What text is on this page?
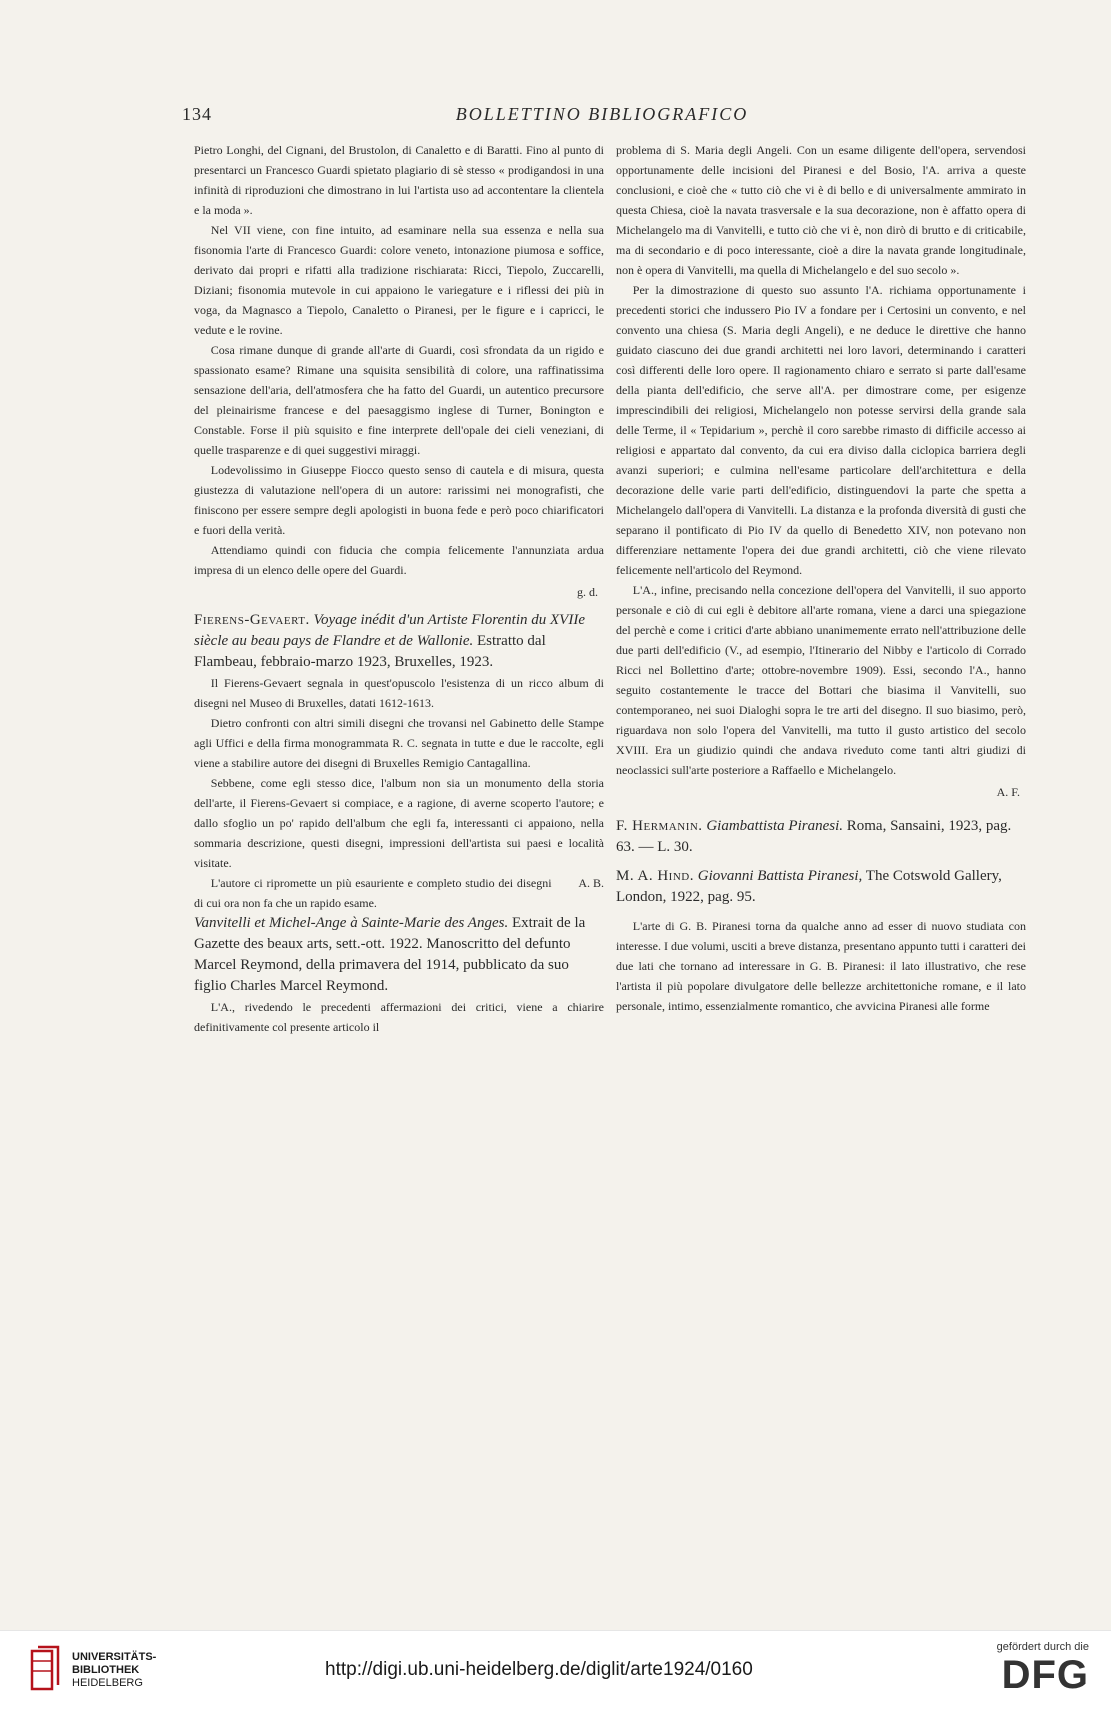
134	BOLLETTINO BIBLIOGRAFICO

Pietro Longhi, del Cignani, del Brustolon, di Canaletto e di Baratti. Fino al punto di presentarci un Francesco Guardi spietato plagiario di sè stesso « prodigandosi in una infinità di riproduzioni che dimostrano in lui l'artista uso ad accontentare la clientela e la moda ».

Nel VII viene, con fine intuito, ad esaminare nella sua essenza e nella sua fisonomia l'arte di Francesco Guardi: colore veneto, intonazione piumosa e soffice, derivato dai propri e rifatti alla tradizione rischiarata: Ricci, Tiepolo, Zuccarelli, Diziani; fisonomia mutevole in cui appaiono le variegature e i riflessi dei più in voga, da Magnasco a Tiepolo, Canaletto o Piranesi, per le figure e i capricci, le vedute e le rovine.

Cosa rimane dunque di grande all'arte di Guardi, così sfrondata da un rigido e spassionato esame? Rimane una squisita sensibilità di colore, una raffinatissima sensazione dell'aria, dell'atmosfera che ha fatto del Guardi, un autentico precursore del pleinairisme francese e del paesaggismo inglese di Turner, Bonington e Constable. Forse il più squisito e fine interprete dell'opale dei cieli veneziani, di quelle trasparenze e di quei suggestivi miraggi.

Lodevolissimo in Giuseppe Fiocco questo senso di cautela e di misura, questa giustezza di valutazione nell'opera di un autore: rarissimi nei monografisti, che finiscono per essere sempre degli apologisti in buona fede e però poco chiarificatori e fuori della verità.

Attendiamo quindi con fiducia che compia felicemente l'annunziata ardua impresa di un elenco delle opere del Guardi.

g. d.

Fierens-Gevaert. Voyage inédit d'un Artiste Florentin du XVIIe siècle au beau pays de Flandre et de Wallonie. Estratto dal Flambeau, febbraio-marzo 1923, Bruxelles, 1923.

Il Fierens-Gevaert segnala in quest'opuscolo l'esistenza di un ricco album di disegni nel Museo di Bruxelles, datati 1612-1613.

Dietro confronti con altri simili disegni che trovansi nel Gabinetto delle Stampe agli Uffici e della firma monogrammata R. C. segnata in tutte e due le raccolte, egli viene a stabilire autore dei disegni di Bruxelles Remigio Cantagallina.

Sebbene, come egli stesso dice, l'album non sia un monumento della storia dell'arte, il Fierens-Gevaert si compiace, e a ragione, di averne scoperto l'autore; e dallo sfoglio un po' rapido dell'album che egli fa, interessanti ci appaiono, nella sommaria descrizione, questi disegni, impressioni dell'artista sui paesi e località visitate.

A. B.
L'autore ci ripromette un più esauriente e completo studio dei disegni di cui ora non fa che un rapido esame.

Vanvitelli et Michel-Ange à Sainte-Marie des Anges. Extrait de la Gazette des beaux arts, sett.-ott. 1922. Manoscritto del defunto Marcel Reymond, della primavera del 1914, pubblicato da suo figlio Charles Marcel Reymond.

L'A., rivedendo le precedenti affermazioni dei critici, viene a chiarire definitivamente col presente articolo il

problema di S. Maria degli Angeli. Con un esame diligente dell'opera, servendosi opportunamente delle incisioni del Piranesi e del Bosio, l'A. arriva a queste conclusioni, e cioè che « tutto ciò che vi è di bello e di universalmente ammirato in questa Chiesa, cioè la navata trasversale e la sua decorazione, non è affatto opera di Michelangelo ma di Vanvitelli, e tutto ciò che vi è, non dirò di brutto e di criticabile, ma di secondario e di poco interessante, cioè a dire la navata grande longitudinale, non è opera di Vanvitelli, ma quella di Michelangelo e del suo secolo ».

Per la dimostrazione di questo suo assunto l'A. richiama opportunamente i precedenti storici che indussero Pio IV a fondare per i Certosini un convento, e nel convento una chiesa (S. Maria degli Angeli), e ne deduce le direttive che hanno guidato ciascuno dei due grandi architetti nei loro lavori, determinando i caratteri così differenti delle loro opere. Il ragionamento chiaro e serrato si parte dall'esame della pianta dell'edificio, che serve all'A. per dimostrare come, per esigenze imprescindibili dei religiosi, Michelangelo non potesse servirsi della grande sala delle Terme, il « Tepidarium », perchè il coro sarebbe rimasto di difficile accesso ai religiosi e appartato dal convento, da cui era diviso dalla ciclopica barriera degli avanzi superiori; e culmina nell'esame particolare dell'architettura e della decorazione delle varie parti dell'edificio, distinguendovi la parte che spetta a Michelangelo dall'opera di Vanvitelli. La distanza e la profonda diversità di gusti che separano il pontificato di Pio IV da quello di Benedetto XIV, non potevano non differenziare nettamente l'opera dei due grandi architetti, ciò che viene rilevato felicemente nell'articolo del Reymond.

L'A., infine, precisando nella concezione dell'opera del Vanvitelli, il suo apporto personale e ciò di cui egli è debitore all'arte romana, viene a darci una spiegazione del perchè e come i critici d'arte abbiano unanimemente errato nell'attribuzione delle due parti dell'edificio (V., ad esempio, l'Itinerario del Nibby e l'articolo di Corrado Ricci nel Bollettino d'arte; ottobre-novembre 1909). Essi, secondo l'A., hanno seguito costantemente le tracce del Bottari che biasima il Vanvitelli, suo contemporaneo, nei suoi Dialoghi sopra le tre arti del disegno. Il suo biasimo, però, riguardava non solo l'opera del Vanvitelli, ma tutto il gusto artistico del secolo XVIII. Era un giudizio quindi che andava riveduto come tanti altri giudizi di neoclassici sull'arte posteriore a Raffaello e Michelangelo.

A. F.

F. Hermanin. Giambattista Piranesi. Roma, Sansaini, 1923, pag. 63. — L. 30.

M. A. Hind. Giovanni Battista Piranesi, The Cotswold Gallery, London, 1922, pag. 95.

L'arte di G. B. Piranesi torna da qualche anno ad esser di nuovo studiata con interesse. I due volumi, usciti a breve distanza, presentano appunto tutti i caratteri dei due lati che tornano ad interessare in G. B. Piranesi: il lato illustrativo, che rese l'artista il più popolare divulgatore delle bellezze architettoniche romane, e il lato personale, intimo, essenzialmente romantico, che avvicina Piranesi alle forme

UNIVERSITÄTS-
BIBLIOTHEK
HEIDELBERG
http://digi.ub.uni-heidelberg.de/diglit/arte1924/0160
gefördert durch die
DFG
